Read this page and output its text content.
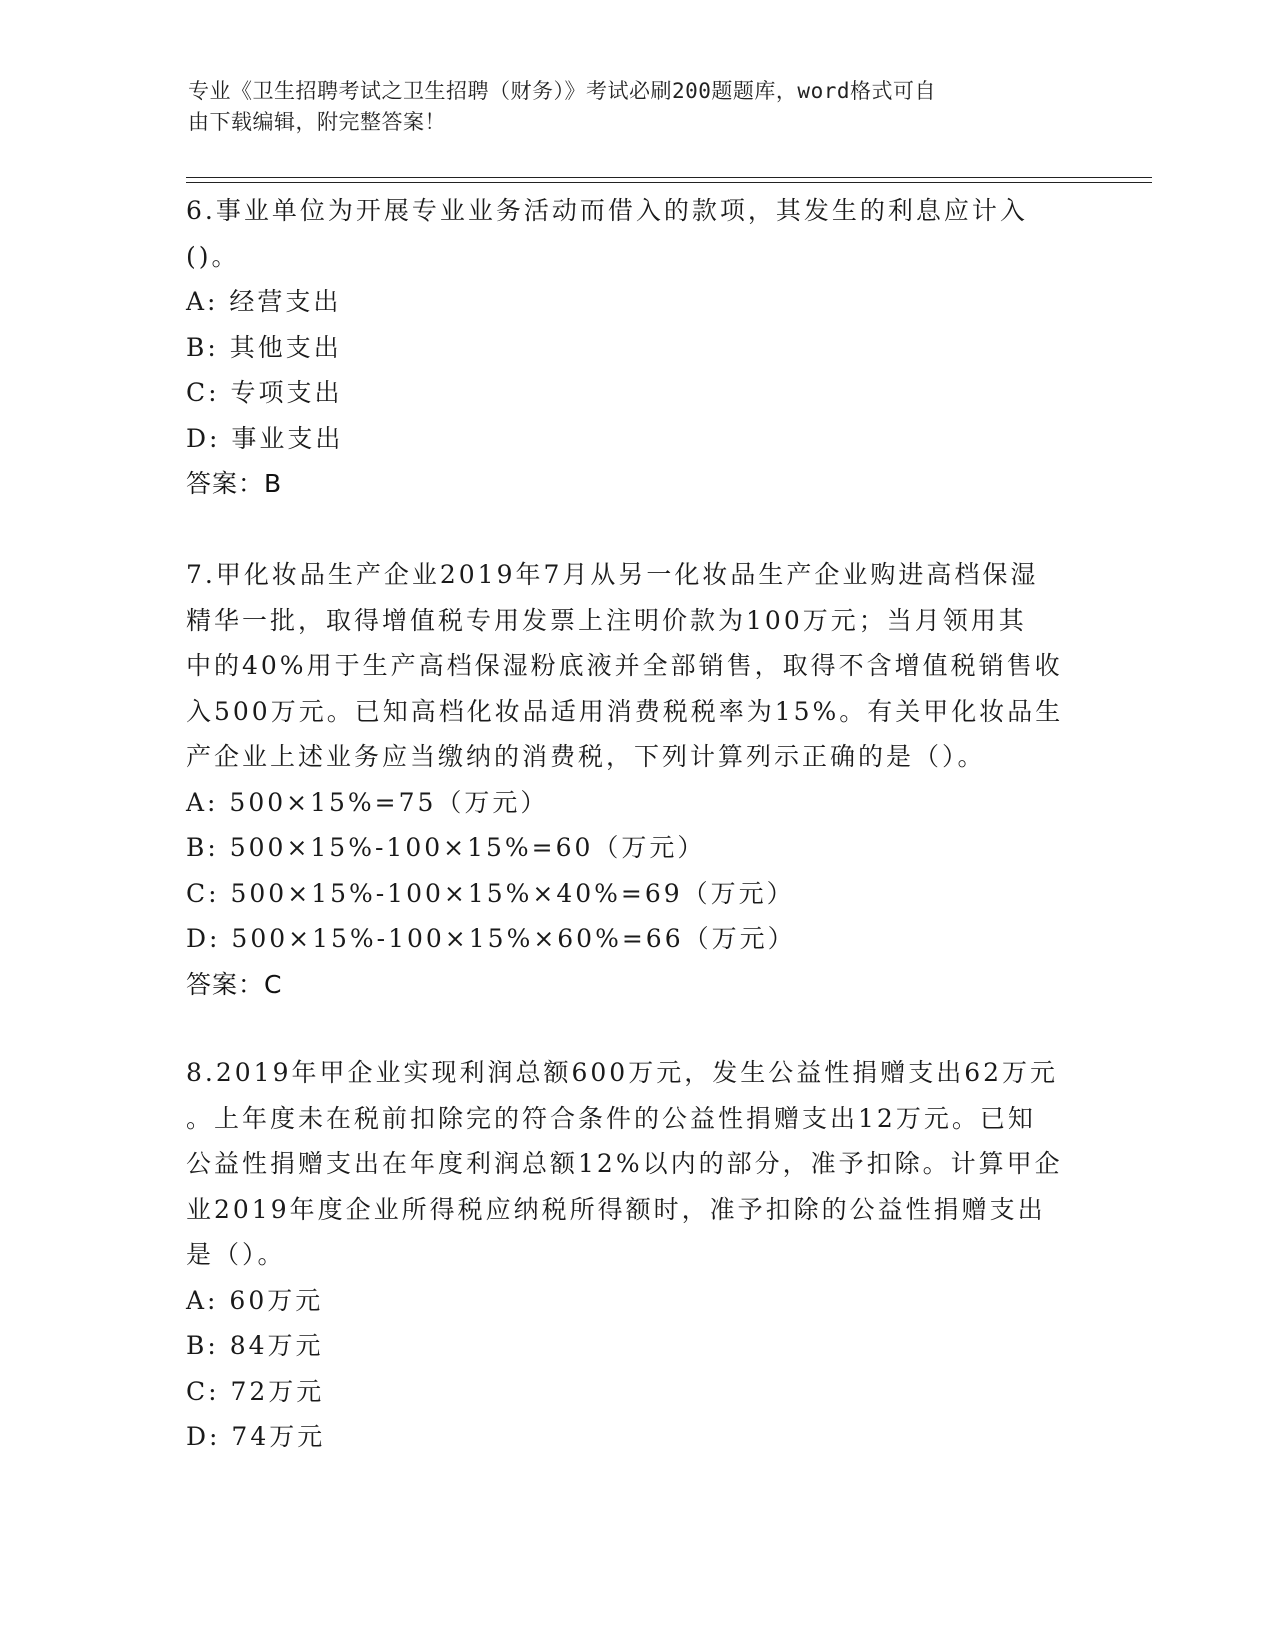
专业《卫生招聘考试之卫生招聘（财务）》考试必刷200题题库，word格式可自
由下载编辑，附完整答案！
6.事业单位为开展专业业务活动而借入的款项，其发生的利息应计入
()。
A: 经营支出
B: 其他支出
C: 专项支出
D: 事业支出
答案：B
7.甲化妆品生产企业2019年7月从另一化妆品生产企业购进高档保湿
精华一批，取得增值税专用发票上注明价款为100万元；当月领用其
中的40%用于生产高档保湿粉底液并全部销售，取得不含增值税销售收
入500万元。已知高档化妆品适用消费税税率为15%。有关甲化妆品生
产企业上述业务应当缴纳的消费税，下列计算列示正确的是（）。
A: 500×15%=75（万元）
B: 500×15%-100×15%=60（万元）
C: 500×15%-100×15%×40%=69（万元）
D: 500×15%-100×15%×60%=66（万元）
答案：C
8.2019年甲企业实现利润总额600万元，发生公益性捐赠支出62万元
。上年度未在税前扣除完的符合条件的公益性捐赠支出12万元。已知
公益性捐赠支出在年度利润总额12%以内的部分，准予扣除。计算甲企
业2019年度企业所得税应纳税所得额时，准予扣除的公益性捐赠支出
是（）。
A: 60万元
B: 84万元
C: 72万元
D: 74万元
